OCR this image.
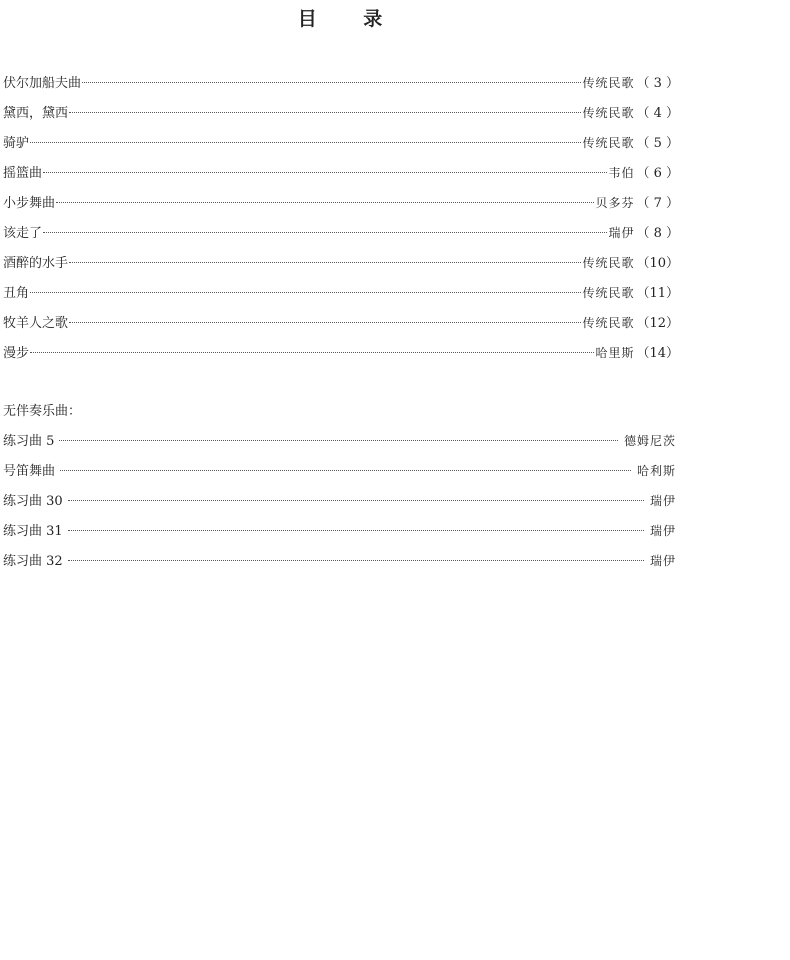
目 录
伏尔加船夫曲	传统民歌 （ 3 ）
黛西，黛西	传统民歌 （ 4 ）
骑驴	传统民歌 （ 5 ）
摇篮曲	韦伯 （ 6 ）
小步舞曲	贝多芬 （ 7 ）
该走了	瑞伊 （ 8 ）
酒醉的水手	传统民歌 （10）
丑角	传统民歌 （11）
牧羊人之歌	传统民歌 （12）
漫步	哈里斯 （14）
无伴奏乐曲：
练习曲 5	德姆尼茨
号笛舞曲	哈利斯
练习曲 30	瑞伊
练习曲 31	瑞伊
练习曲 32	瑞伊
